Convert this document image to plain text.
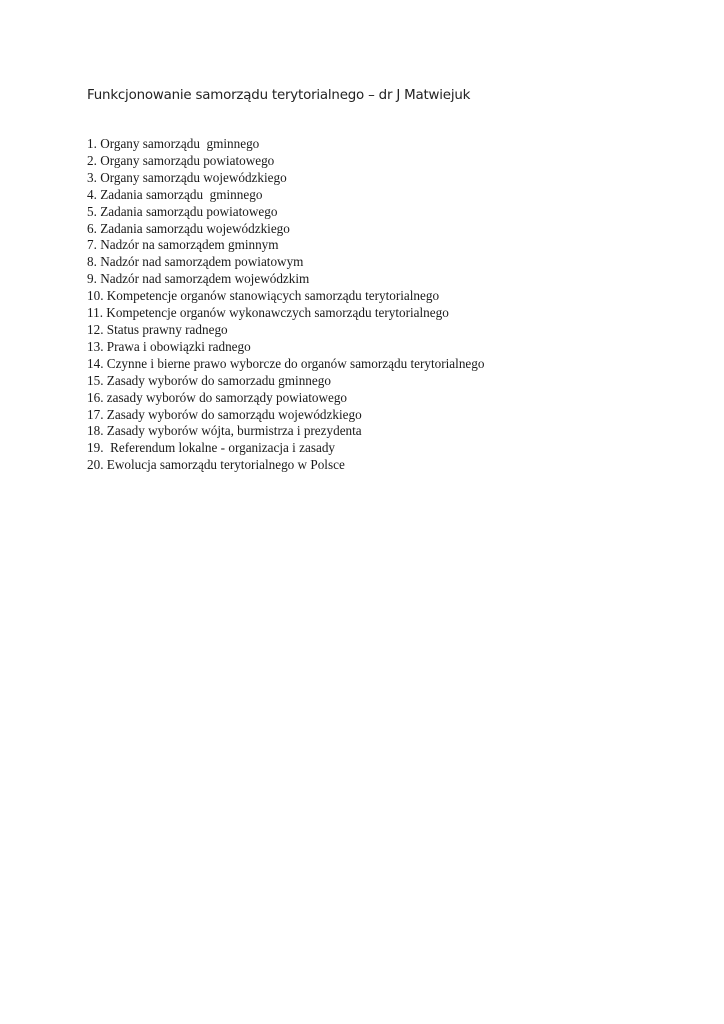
Funkcjonowanie samorządu terytorialnego – dr J Matwiejuk
1. Organy samorządu  gminnego
2. Organy samorządu powiatowego
3. Organy samorządu wojewódzkiego
4. Zadania samorządu  gminnego
5. Zadania samorządu powiatowego
6. Zadania samorządu wojewódzkiego
7. Nadzór na samorządem gminnym
8. Nadzór nad samorządem powiatowym
9. Nadzór nad samorządem wojewódzkim
10. Kompetencje organów stanowiących samorządu terytorialnego
11. Kompetencje organów wykonawczych samorządu terytorialnego
12. Status prawny radnego
13. Prawa i obowiązki radnego
14. Czynne i bierne prawo wyborcze do organów samorządu terytorialnego
15. Zasady wyborów do samorzadu gminnego
16. zasady wyborów do samorządy powiatowego
17. Zasady wyborów do samorządu wojewódzkiego
18. Zasady wyborów wójta, burmistrza i prezydenta
19.  Referendum lokalne - organizacja i zasady
20. Ewolucja samorządu terytorialnego w Polsce
